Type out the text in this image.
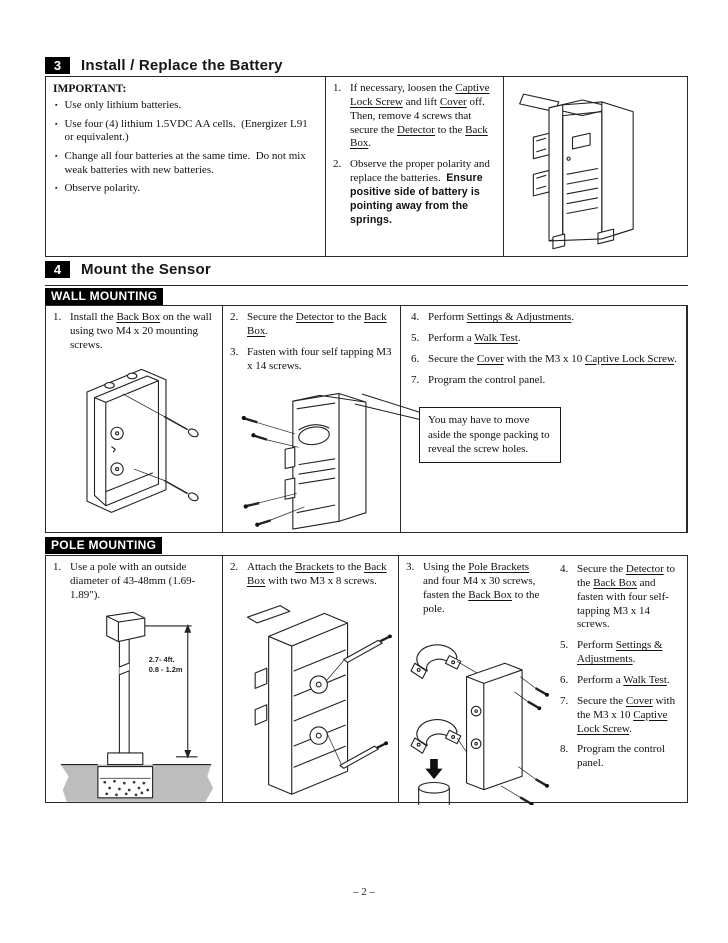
3	Install / Replace the Battery
IMPORTANT:
▪ Use only lithium batteries.
▪ Use four (4) lithium 1.5VDC AA cells.  (Energizer L91 or equivalent.)
▪ Change all four batteries at the same time.  Do not mix weak batteries with new batteries.
▪ Observe polarity.
1. If necessary, loosen the Captive Lock Screw and lift Cover off. Then, remove 4 screws that secure the Detector to the Back Box.
2. Observe the proper polarity and replace the batteries.  Ensure positive side of battery is pointing away from the springs.
4	Mount the Sensor
WALL MOUNTING
1. Install the Back Box on the wall using two M4 x 20 mounting screws.
2. Secure the Detector to the Back Box.
3. Fasten with four self tapping M3 x 14 screws.
4. Perform Settings & Adjustments.
5. Perform a Walk Test.
6. Secure the Cover with the M3 x 10 Captive Lock Screw.
7. Program the control panel.
You may have to move aside the sponge packing to reveal the screw holes.
POLE MOUNTING
1. Use a pole with an outside diameter of 43-48mm (1.69-1.89").
2.7- 4ft.
0.8 - 1.2m
2. Attach the Brackets to the Back Box with two M3 x 8 screws.
3. Using the Pole Brackets and four M4 x 30 screws, fasten the Back Box to the pole.
4. Secure the Detector to the Back Box and fasten with four self-tapping M3 x 14 screws.
5. Perform Settings & Adjustments.
6. Perform a Walk Test.
7. Secure the Cover with the M3 x 10 Captive Lock Screw.
8. Program the control panel.
– 2 –
